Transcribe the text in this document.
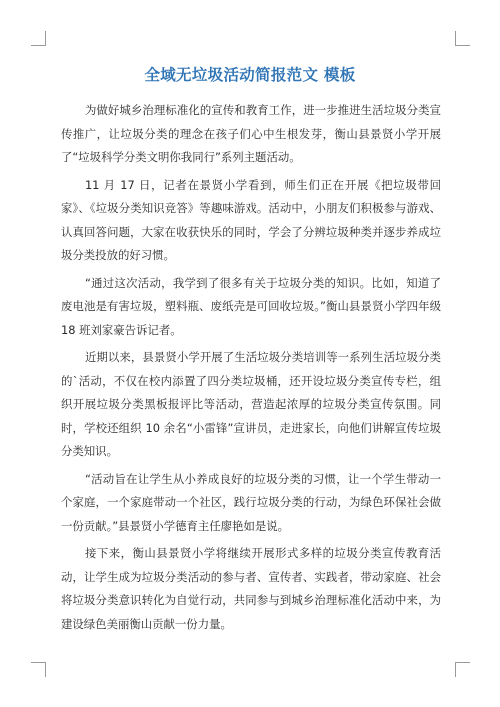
全域无垃圾活动简报范文 模板

为做好城乡治理标准化的宣传和教育工作，进一步推进生活垃圾分类宣传推广，让垃圾分类的理念在孩子们心中生根发芽，衡山县景贤小学开展了“垃圾科学分类文明你我同行”系列主题活动。

11 月 17 日，记者在景贤小学看到，师生们正在开展《把垃圾带回家》、《垃圾分类知识竞答》等趣味游戏。活动中，小朋友们积极参与游戏、认真回答问题，大家在收获快乐的同时，学会了分辨垃圾种类并逐步养成垃圾分类投放的好习惯。

“通过这次活动，我学到了很多有关于垃圾分类的知识。比如，知道了废电池是有害垃圾，塑料瓶、废纸壳是可回收垃圾。”衡山县景贤小学四年级 18 班刘家豪告诉记者。

近期以来，县景贤小学开展了生活垃圾分类培训等一系列生活垃圾分类的`活动，不仅在校内添置了四分类垃圾桶，还开设垃圾分类宣传专栏，组织开展垃圾分类黑板报评比等活动，营造起浓厚的垃圾分类宣传氛围。同时，学校还组织 10 余名“小雷锋”宣讲员，走进家长，向他们讲解宣传垃圾分类知识。

“活动旨在让学生从小养成良好的垃圾分类的习惯，让一个学生带动一个家庭，一个家庭带动一个社区，践行垃圾分类的行动，为绿色环保社会做一份贡献。”县景贤小学德育主任廖艳如是说。

接下来，衡山县景贤小学将继续开展形式多样的垃圾分类宣传教育活动，让学生成为垃圾分类活动的参与者、宣传者、实践者，带动家庭、社会将垃圾分类意识转化为自觉行动，共同参与到城乡治理标准化活动中来，为建设绿色美丽衡山贡献一份力量。
